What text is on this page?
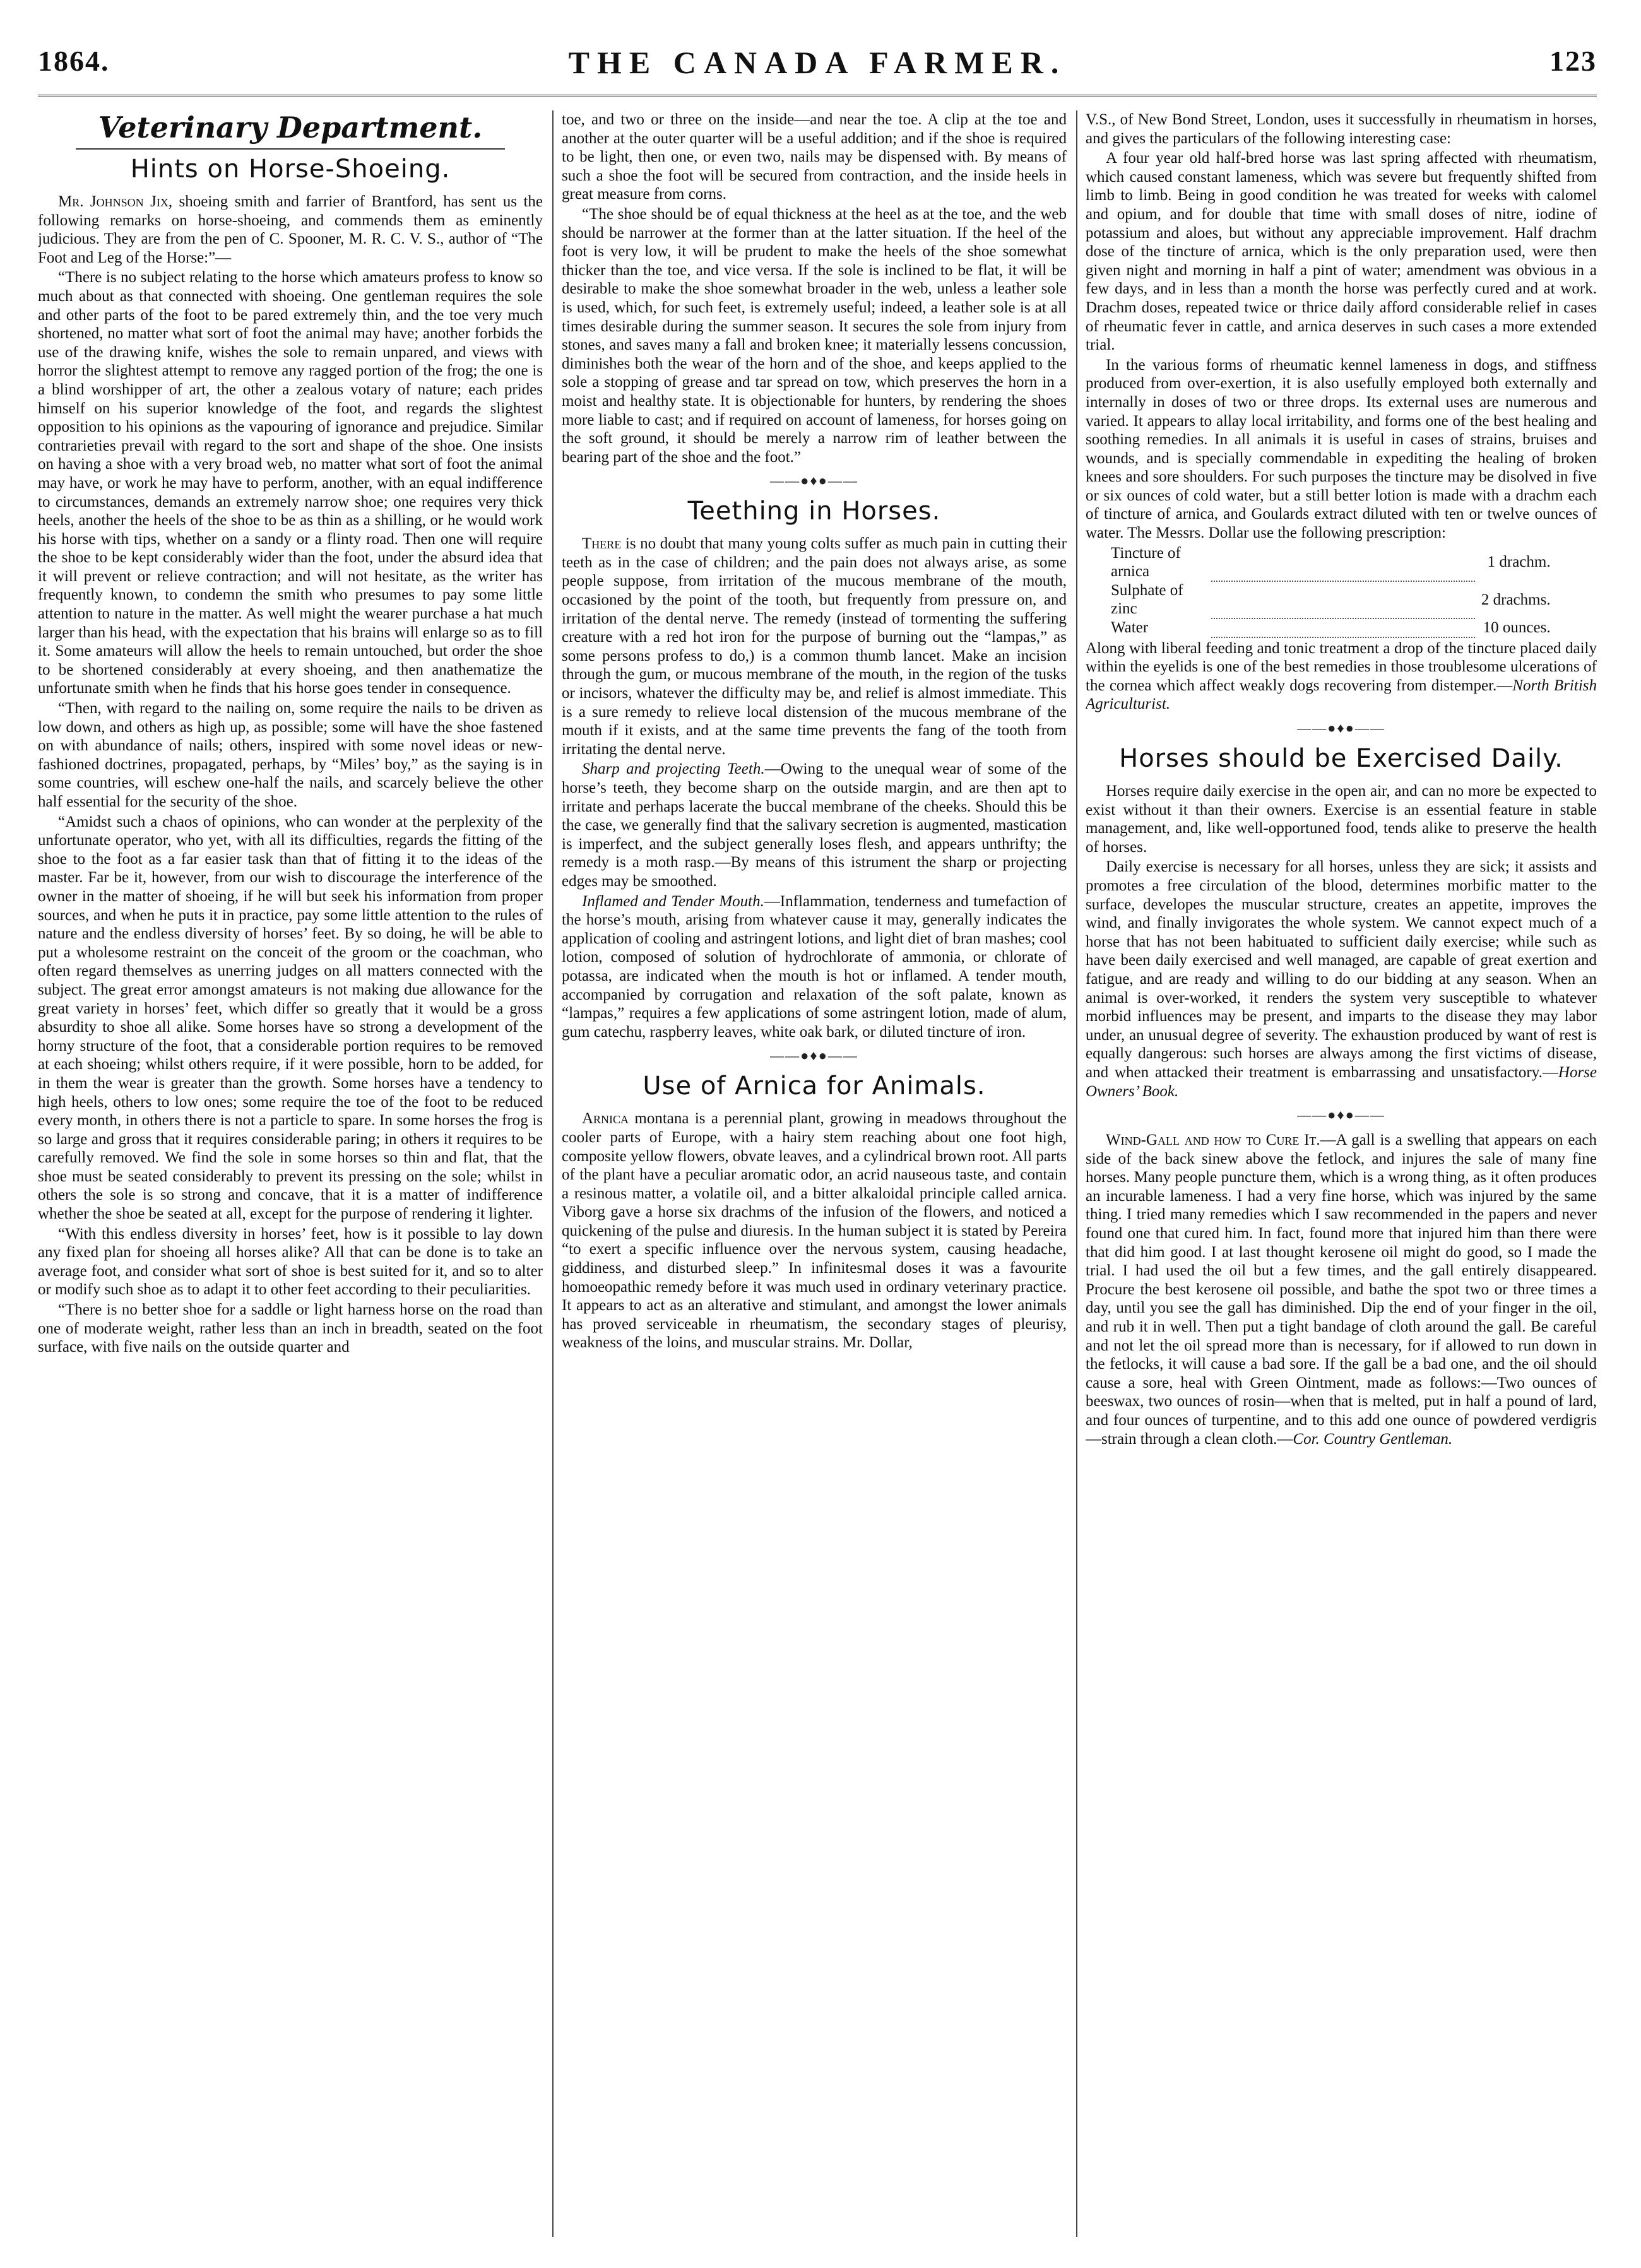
THE CANADA FARMER.
1864.	123
Veterinary Department.
Hints on Horse-Shoeing.

Mr. Johnson Jix, shoeing smith and farrier of Brantford, has sent us the following remarks on horse-shoeing, and commends them as eminently judicious. They are from the pen of C. Spooner, M. R. C. V. S., author of “The Foot and Leg of the Horse:”—

“There is no subject relating to the horse which amateurs profess to know so much about as that connected with shoeing. One gentleman requires the sole and other parts of the foot to be pared extremely thin, and the toe very much shortened, no matter what sort of foot the animal may have; another forbids the use of the drawing knife, wishes the sole to remain unpared, and views with horror the slightest attempt to remove any ragged portion of the frog; the one is a blind worshipper of art, the other a zealous votary of nature; each prides himself on his superior knowledge of the foot, and regards the slightest opposition to his opinions as the vapouring of ignorance and prejudice. Similar contrarieties prevail with regard to the sort and shape of the shoe. One insists on having a shoe with a very broad web, no matter what sort of foot the animal may have, or work he may have to perform, another, with an equal indifference to circumstances, demands an extremely narrow shoe; one requires very thick heels, another the heels of the shoe to be as thin as a shilling, or he would work his horse with tips, whether on a sandy or a flinty road. Then one will require the shoe to be kept considerably wider than the foot, under the absurd idea that it will prevent or relieve contraction; and will not hesitate, as the writer has frequently known, to condemn the smith who presumes to pay some little attention to nature in the matter. As well might the wearer purchase a hat much larger than his head, with the expectation that his brains will enlarge so as to fill it. Some amateurs will allow the heels to remain untouched, but order the shoe to be shortened considerably at every shoeing, and then anathematize the unfortunate smith when he finds that his horse goes tender in consequence.

“Then, with regard to the nailing on, some require the nails to be driven as low down, and others as high up, as possible; some will have the shoe fastened on with abundance of nails; others, inspired with some novel ideas or new-fashioned doctrines, propagated, perhaps, by “Miles’ boy,” as the saying is in some countries, will eschew one-half the nails, and scarcely believe the other half essential for the security of the shoe.

“Amidst such a chaos of opinions, who can wonder at the perplexity of the unfortunate operator, who yet, with all its difficulties, regards the fitting of the shoe to the foot as a far easier task than that of fitting it to the ideas of the master. Far be it, however, from our wish to discourage the interference of the owner in the matter of shoeing, if he will but seek his information from proper sources, and when he puts it in practice, pay some little attention to the rules of nature and the endless diversity of horses’ feet. By so doing, he will be able to put a wholesome restraint on the conceit of the groom or the coachman, who often regard themselves as unerring judges on all matters connected with the subject. The great error amongst amateurs is not making due allowance for the great variety in horses’ feet, which differ so greatly that it would be a gross absurdity to shoe all alike. Some horses have so strong a development of the horny structure of the foot, that a considerable portion requires to be removed at each shoeing; whilst others require, if it were possible, horn to be added, for in them the wear is greater than the growth. Some horses have a tendency to high heels, others to low ones; some require the toe of the foot to be reduced every month, in others there is not a particle to spare. In some horses the frog is so large and gross that it requires considerable paring; in others it requires to be carefully removed. We find the sole in some horses so thin and flat, that the shoe must be seated considerably to prevent its pressing on the sole; whilst in others the sole is so strong and concave, that it is a matter of indifference whether the shoe be seated at all, except for the purpose of rendering it lighter.

“With this endless diversity in horses’ feet, how is it possible to lay down any fixed plan for shoeing all horses alike? All that can be done is to take an average foot, and consider what sort of shoe is best suited for it, and so to alter or modify such shoe as to adapt it to other feet according to their peculiarities.

“There is no better shoe for a saddle or light harness horse on the road than one of moderate weight, rather less than an inch in breadth, seated on the foot surface, with five nails on the outside quarter and

toe, and two or three on the inside—and near the toe. A clip at the toe and another at the outer quarter will be a useful addition; and if the shoe is required to be light, then one, or even two, nails may be dispensed with. By means of such a shoe the foot will be secured from contraction, and the inside heels in great measure from corns.

“The shoe should be of equal thickness at the heel as at the toe, and the web should be narrower at the former than at the latter situation. If the heel of the foot is very low, it will be prudent to make the heels of the shoe somewhat thicker than the toe, and vice versa. If the sole is inclined to be flat, it will be desirable to make the shoe somewhat broader in the web, unless a leather sole is used, which, for such feet, is extremely useful; indeed, a leather sole is at all times desirable during the summer season. It secures the sole from injury from stones, and saves many a fall and broken knee; it materially lessens concussion, diminishes both the wear of the horn and of the shoe, and keeps applied to the sole a stopping of grease and tar spread on tow, which preserves the horn in a moist and healthy state. It is objectionable for hunters, by rendering the shoes more liable to cast; and if required on account of lameness, for horses going on the soft ground, it should be merely a narrow rim of leather between the bearing part of the shoe and the foot.”

——●♦●——
Teething in Horses.

There is no doubt that many young colts suffer as much pain in cutting their teeth as in the case of children; and the pain does not always arise, as some people suppose, from irritation of the mucous membrane of the mouth, occasioned by the point of the tooth, but frequently from pressure on, and irritation of the dental nerve. The remedy (instead of tormenting the suffering creature with a red hot iron for the purpose of burning out the “lampas,” as some persons profess to do,) is a common thumb lancet. Make an incision through the gum, or mucous membrane of the mouth, in the region of the tusks or incisors, whatever the difficulty may be, and relief is almost immediate. This is a sure remedy to relieve local distension of the mucous membrane of the mouth if it exists, and at the same time prevents the fang of the tooth from irritating the dental nerve.

Sharp and projecting Teeth.—Owing to the unequal wear of some of the horse’s teeth, they become sharp on the outside margin, and are then apt to irritate and perhaps lacerate the buccal membrane of the cheeks. Should this be the case, we generally find that the salivary secretion is augmented, mastication is imperfect, and the subject generally loses flesh, and appears unthrifty; the remedy is a moth rasp.—By means of this istrument the sharp or projecting edges may be smoothed.

Inflamed and Tender Mouth.—Inflammation, tenderness and tumefaction of the horse’s mouth, arising from whatever cause it may, generally indicates the application of cooling and astringent lotions, and light diet of bran mashes; cool lotion, composed of solution of hydrochlorate of ammonia, or chlorate of potassa, are indicated when the mouth is hot or inflamed. A tender mouth, accompanied by corrugation and relaxation of the soft palate, known as “lampas,” requires a few applications of some astringent lotion, made of alum, gum catechu, raspberry leaves, white oak bark, or diluted tincture of iron.

——●♦●——
Use of Arnica for Animals.

Arnica montana is a perennial plant, growing in meadows throughout the cooler parts of Europe, with a hairy stem reaching about one foot high, composite yellow flowers, obvate leaves, and a cylindrical brown root. All parts of the plant have a peculiar aromatic odor, an acrid nauseous taste, and contain a resinous matter, a volatile oil, and a bitter alkaloidal principle called arnica. Viborg gave a horse six drachms of the infusion of the flowers, and noticed a quickening of the pulse and diuresis. In the human subject it is stated by Pereira “to exert a specific influence over the nervous system, causing headache, giddiness, and disturbed sleep.” In infinitesmal doses it was a favourite homoeopathic remedy before it was much used in ordinary veterinary practice. It appears to act as an alterative and stimulant, and amongst the lower animals has proved serviceable in rheumatism, the secondary stages of pleurisy, weakness of the loins, and muscular strains. Mr. Dollar,

V.S., of New Bond Street, London, uses it successfully in rheumatism in horses, and gives the particulars of the following interesting case:

A four year old half-bred horse was last spring affected with rheumatism, which caused constant lameness, which was severe but frequently shifted from limb to limb. Being in good condition he was treated for weeks with calomel and opium, and for double that time with small doses of nitre, iodine of potassium and aloes, but without any appreciable improvement. Half drachm dose of the tincture of arnica, which is the only preparation used, were then given night and morning in half a pint of water; amendment was obvious in a few days, and in less than a month the horse was perfectly cured and at work. Drachm doses, repeated twice or thrice daily afford considerable relief in cases of rheumatic fever in cattle, and arnica deserves in such cases a more extended trial.

In the various forms of rheumatic kennel lameness in dogs, and stiffness produced from over-exertion, it is also usefully employed both externally and internally in doses of two or three drops. Its external uses are numerous and varied. It appears to allay local irritability, and forms one of the best healing and soothing remedies. In all animals it is useful in cases of strains, bruises and wounds, and is specially commendable in expediting the healing of broken knees and sore shoulders. For such purposes the tincture may be disolved in five or six ounces of cold water, but a still better lotion is made with a drachm each of tincture of arnica, and Goulards extract diluted with ten or twelve ounces of water. The Messrs. Dollar use the following prescription:

Tincture of arnica		1 drachm.
Sulphate of zinc		2 drachms.
Water		10 ounces.

Along with liberal feeding and tonic treatment a drop of the tincture placed daily within the eyelids is one of the best remedies in those troublesome ulcerations of the cornea which affect weakly dogs recovering from distemper.—North British Agriculturist.

——●♦●——
Horses should be Exercised Daily.

Horses require daily exercise in the open air, and can no more be expected to exist without it than their owners. Exercise is an essential feature in stable management, and, like well-opportuned food, tends alike to preserve the health of horses.

Daily exercise is necessary for all horses, unless they are sick; it assists and promotes a free circulation of the blood, determines morbific matter to the surface, developes the muscular structure, creates an appetite, improves the wind, and finally invigorates the whole system. We cannot expect much of a horse that has not been habituated to sufficient daily exercise; while such as have been daily exercised and well managed, are capable of great exertion and fatigue, and are ready and willing to do our bidding at any season. When an animal is over-worked, it renders the system very susceptible to whatever morbid influences may be present, and imparts to the disease they may labor under, an unusual degree of severity. The exhaustion produced by want of rest is equally dangerous: such horses are always among the first victims of disease, and when attacked their treatment is embarrassing and unsatisfactory.—Horse Owners’ Book.

——●♦●——

Wind-Gall and how to Cure It.—A gall is a swelling that appears on each side of the back sinew above the fetlock, and injures the sale of many fine horses. Many people puncture them, which is a wrong thing, as it often produces an incurable lameness. I had a very fine horse, which was injured by the same thing. I tried many remedies which I saw recommended in the papers and never found one that cured him. In fact, found more that injured him than there were that did him good. I at last thought kerosene oil might do good, so I made the trial. I had used the oil but a few times, and the gall entirely disappeared. Procure the best kerosene oil possible, and bathe the spot two or three times a day, until you see the gall has diminished. Dip the end of your finger in the oil, and rub it in well. Then put a tight bandage of cloth around the gall. Be careful and not let the oil spread more than is necessary, for if allowed to run down in the fetlocks, it will cause a bad sore. If the gall be a bad one, and the oil should cause a sore, heal with Green Ointment, made as follows:—Two ounces of beeswax, two ounces of rosin—when that is melted, put in half a pound of lard, and four ounces of turpentine, and to this add one ounce of powdered verdigris—strain through a clean cloth.—Cor. Country Gentleman.
